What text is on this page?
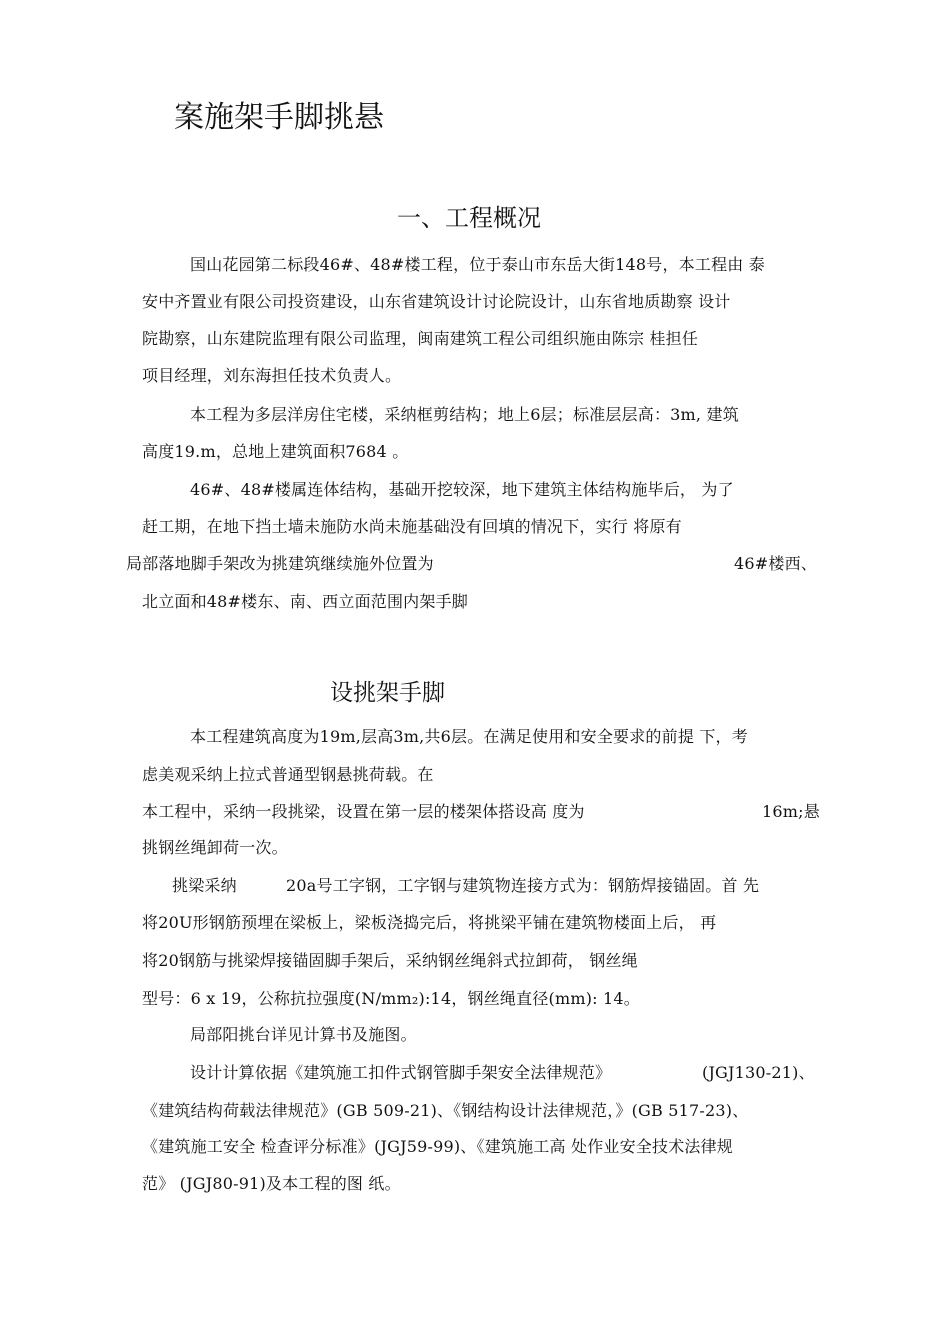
案施架手脚挑悬
一、工程概况
国山花园第二标段46#、48#楼工程，位于泰山市东岳大街148号，本工程由 泰
安中齐置业有限公司投资建设，山东省建筑设计讨论院设计，山东省地质勘察 设计
院勘察，山东建院监理有限公司监理，闽南建筑工程公司组织施由陈宗 桂担任
项目经理，刘东海担任技术负责人。
本工程为多层洋房住宅楼，采纳框剪结构；地上6层；标准层层高：3m, 建筑
高度19.m，总地上建筑面积7684 。
46#、48#楼属连体结构，基础开挖较深，地下建筑主体结构施毕后， 为了
赶工期，在地下挡土墙未施防水尚未施基础没有回填的情况下，实行 将原有
局部落地脚手架改为挑建筑继续施外位置为	46#楼西、
北立面和48#楼东、南、西立面范围内架手脚
设挑架手脚
本工程建筑高度为19m,层高3m,共6层。在满足使用和安全要求的前提 下，考
虑美观采纳上拉式普通型钢悬挑荷载。在
本工程中，采纳一段挑梁，设置在第一层的楼架体搭设高 度为	16m;悬
挑钢丝绳卸荷一次。
挑梁采纳	20a号工字钢，工字钢与建筑物连接方式为：钢筋焊接锚固。首 先
将20U形钢筋预埋在梁板上，梁板浇捣完后，将挑梁平铺在建筑物楼面上后， 再
将20钢筋与挑梁焊接锚固脚手架后，采纳钢丝绳斜式拉卸荷， 钢丝绳
型号：6 x 19，公称抗拉强度(N/mm₂):14，钢丝绳直径(mm): 14。
局部阳挑台详见计算书及施图。
设计计算依据《建筑施工扣件式钢管脚手架安全法律规范》	(JGJ130-21)、
《建筑结构荷载法律规范》(GB 509-21)、《钢结构设计法律规范，》(GB 517-23)、
《建筑施工安全 检查评分标准》(JGJ59-99)、《建筑施工高 处作业安全技术法律规
范》 (JGJ80-91)及本工程的图 纸。
